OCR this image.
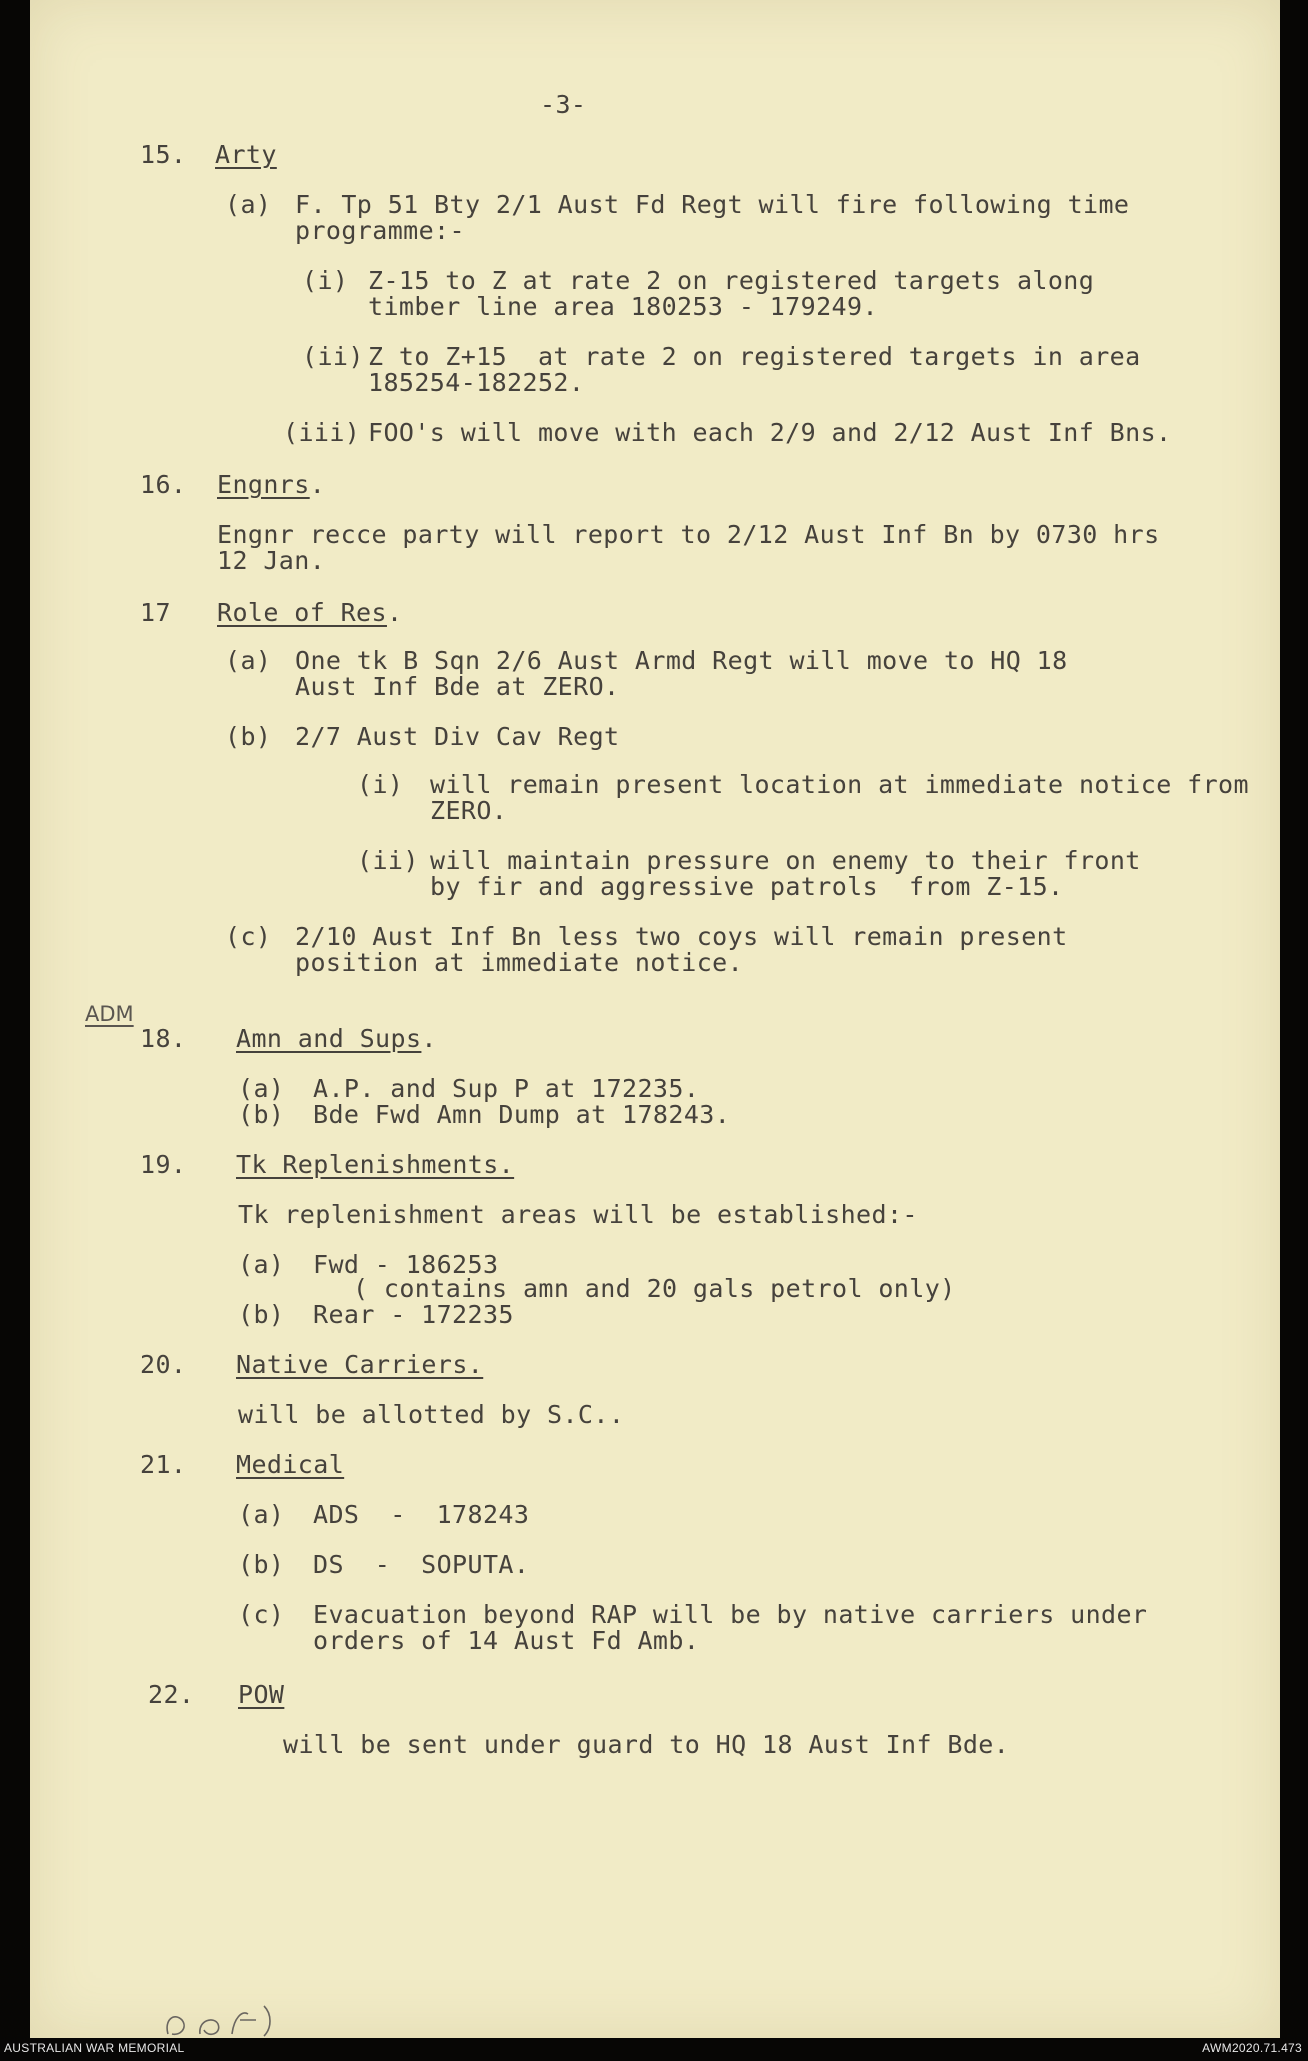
-3-
15. Arty
(a) F. Tp 51 Bty 2/1 Aust Fd Regt will fire following time
programme:-
(i) Z-15 to Z at rate 2 on registered targets along
timber line area 180253 - 179249.
(ii) Z to Z+15  at rate 2 on registered targets in area
185254-182252.
(iii) FOO's will move with each 2/9 and 2/12 Aust Inf Bns.
16. Engnrs.
Engnr recce party will report to 2/12 Aust Inf Bn by 0730 hrs
12 Jan.
17 Role of Res.
(a) One tk B Sqn 2/6 Aust Armd Regt will move to HQ 18
Aust Inf Bde at ZERO.
(b) 2/7 Aust Div Cav Regt
(i) will remain present location at immediate notice from
ZERO.
(ii) will maintain pressure on enemy to their front
by fir and aggressive patrols  from Z-15.
(c) 2/10 Aust Inf Bn less two coys will remain present
position at immediate notice.
ADM
18. Amn and Sups.
(a) A.P. and Sup P at 172235.
(b) Bde Fwd Amn Dump at 178243.
19. Tk Replenishments.
Tk replenishment areas will be established:-
(a) Fwd - 186253
( contains amn and 20 gals petrol only)
(b) Rear - 172235
20. Native Carriers.
will be allotted by S.C..
21. Medical
(a) ADS  -  178243
(b) DS  -  SOPUTA.
(c) Evacuation beyond RAP will be by native carriers under
orders of 14 Aust Fd Amb.
22. POW
will be sent under guard to HQ 18 Aust Inf Bde.
AUSTRALIAN WAR MEMORIAL	AWM2020.71.473
